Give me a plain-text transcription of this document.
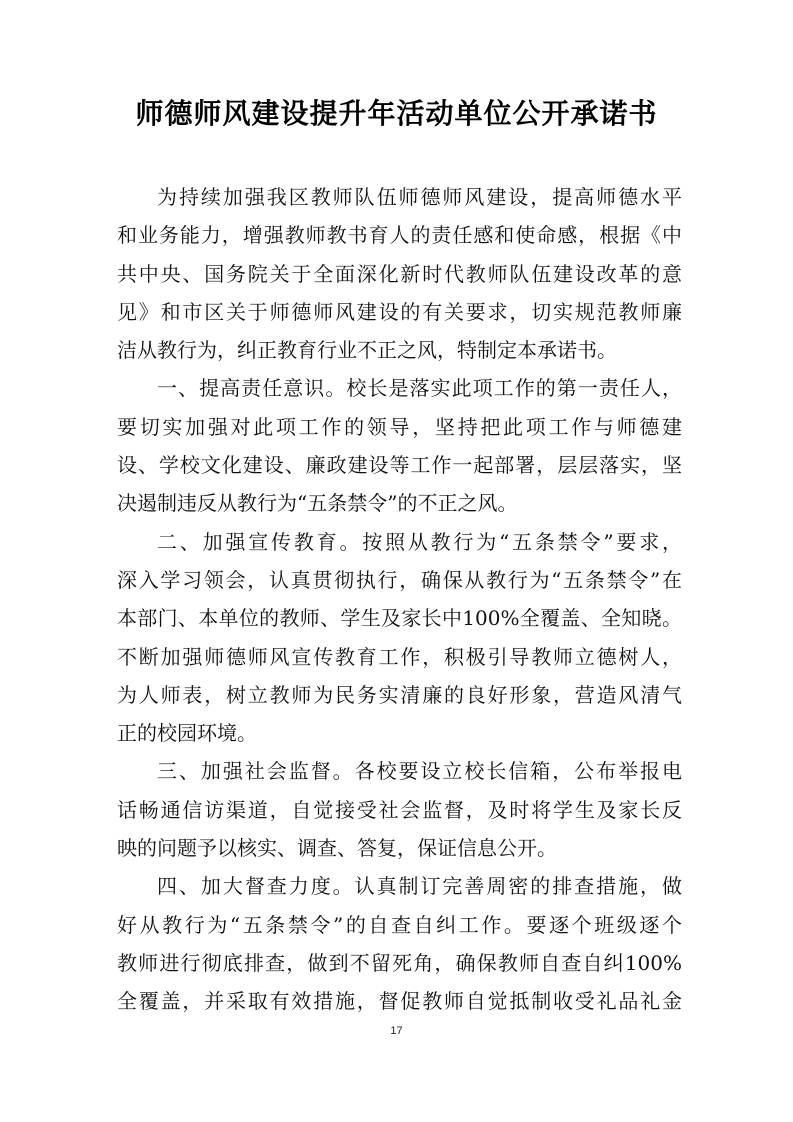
师德师风建设提升年活动单位公开承诺书
为持续加强我区教师队伍师德师风建设，提高师德水平
和业务能力，增强教师教书育人的责任感和使命感，根据《中
共中央、国务院关于全面深化新时代教师队伍建设改革的意
见》和市区关于师德师风建设的有关要求，切实规范教师廉
洁从教行为，纠正教育行业不正之风，特制定本承诺书。
一、提高责任意识。校长是落实此项工作的第一责任人，
要切实加强对此项工作的领导，坚持把此项工作与师德建
设、学校文化建设、廉政建设等工作一起部署，层层落实，坚
决遏制违反从教行为“五条禁令”的不正之风。
二、加强宣传教育。按照从教行为“五条禁令”要求，
深入学习领会，认真贯彻执行，确保从教行为“五条禁令”在
本部门、本单位的教师、学生及家长中100%全覆盖、全知晓。
不断加强师德师风宣传教育工作，积极引导教师立德树人，
为人师表，树立教师为民务实清廉的良好形象，营造风清气
正的校园环境。
三、加强社会监督。各校要设立校长信箱，公布举报电
话畅通信访渠道，自觉接受社会监督，及时将学生及家长反
映的问题予以核实、调查、答复，保证信息公开。
四、加大督查力度。认真制订完善周密的排查措施，做
好从教行为“五条禁令”的自查自纠工作。要逐个班级逐个
教师进行彻底排查，做到不留死角，确保教师自查自纠100%
全覆盖，并采取有效措施，督促教师自觉抵制收受礼品礼金
17
